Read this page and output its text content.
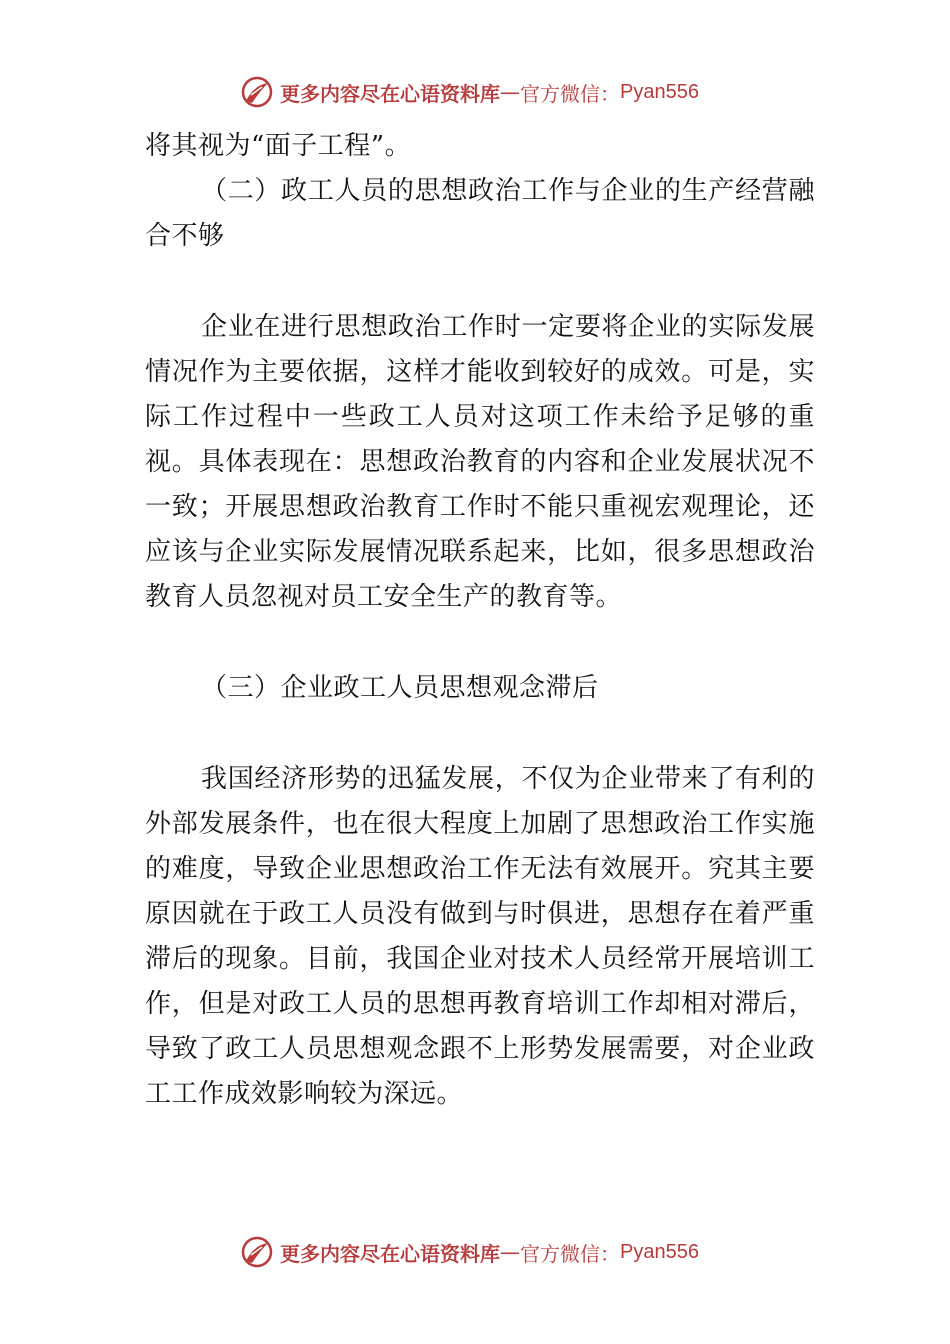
更多内容尽在心语资料库 — 官方微信： Pyan556

将其视为“面子工程”。

（二）政工人员的思想政治工作与企业的生产经营融合不够

企业在进行思想政治工作时一定要将企业的实际发展情况作为主要依据，这样才能收到较好的成效。可是，实际工作过程中一些政工人员对这项工作未给予足够的重视。具体表现在：思想政治教育的内容和企业发展状况不一致；开展思想政治教育工作时不能只重视宏观理论，还应该与企业实际发展情况联系起来，比如，很多思想政治教育人员忽视对员工安全生产的教育等。

（三）企业政工人员思想观念滞后

我国经济形势的迅猛发展，不仅为企业带来了有利的外部发展条件，也在很大程度上加剧了思想政治工作实施的难度，导致企业思想政治工作无法有效展开。究其主要原因就在于政工人员没有做到与时俱进，思想存在着严重滞后的现象。目前，我国企业对技术人员经常开展培训工作，但是对政工人员的思想再教育培训工作却相对滞后，导致了政工人员思想观念跟不上形势发展需要，对企业政工工作成效影响较为深远。

更多内容尽在心语资料库 — 官方微信： Pyan556
